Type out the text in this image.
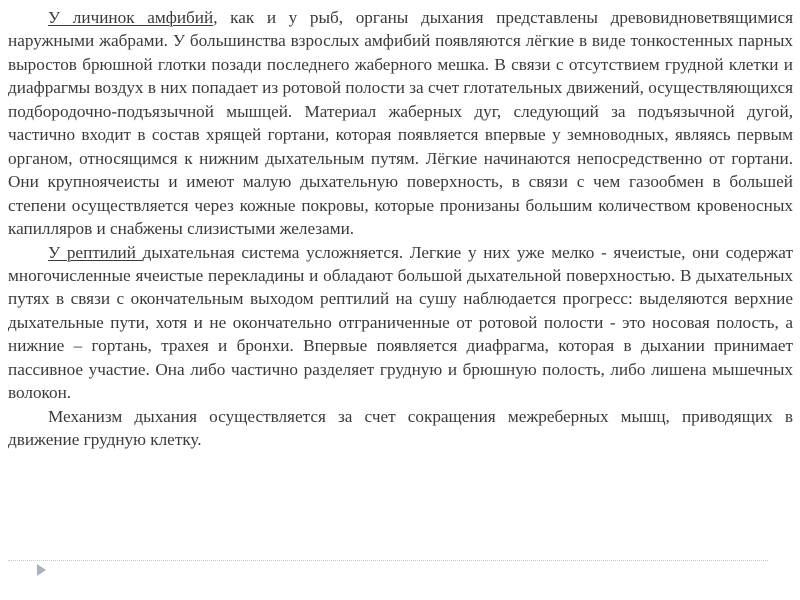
У личинок амфибий, как и у рыб, органы дыхания представлены древовидноветвящимися наружными жабрами. У большинства взрослых амфибий появляются лёгкие в виде тонкостенных парных выростов брюшной глотки позади последнего жаберного мешка. В связи с отсутствием грудной клетки и диафрагмы воздух в них попадает из ротовой полости за счет глотательных движений, осуществляющихся подбородочно-подъязычной мышцей. Материал жаберных дуг, следующий за подъязычной дугой, частично входит в состав хрящей гортани, которая появляется впервые у земноводных, являясь первым органом, относящимся к нижним дыхательным путям. Лёгкие начинаются непосредственно от гортани. Они крупноячеисты и имеют малую дыхательную поверхность, в связи с чем газообмен в большей степени осуществляется через кожные покровы, которые пронизаны большим количеством кровеносных капилляров и снабжены слизистыми железами.

У рептилий дыхательная система усложняется. Легкие у них уже мелко - ячеистые, они содержат многочисленные ячеистые перекладины и обладают большой дыхательной поверхностью. В дыхательных путях в связи с окончательным выходом рептилий на сушу наблюдается прогресс: выделяются верхние дыхательные пути, хотя и не окончательно отграниченные от ротовой полости - это носовая полость, а нижние – гортань, трахея и бронхи. Впервые появляется диафрагма, которая в дыхании принимает пассивное участие. Она либо частично разделяет грудную и брюшную полость, либо лишена мышечных волокон.

Механизм дыхания осуществляется за счет сокращения межреберных мышц, приводящих в движение грудную клетку.
